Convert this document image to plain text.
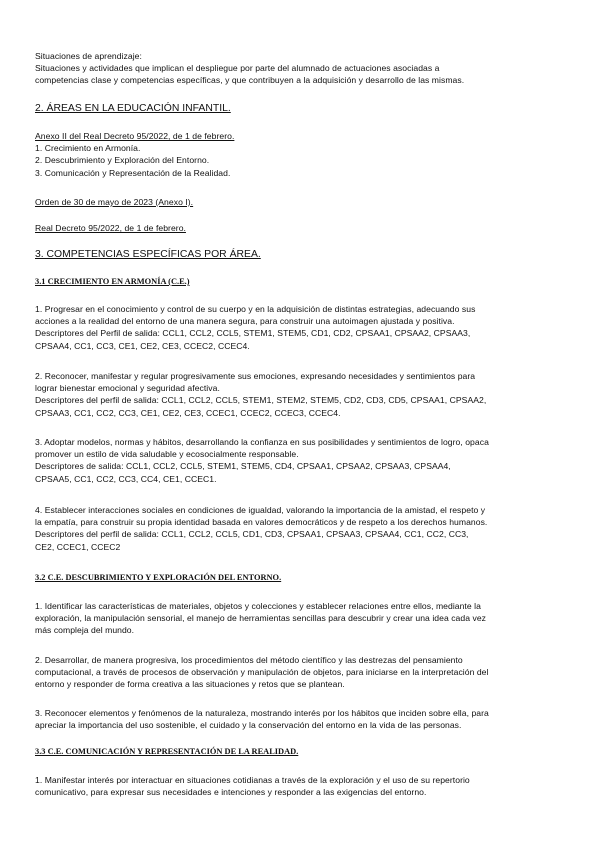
Situaciones de aprendizaje:

Situaciones y actividades que implican el despliegue por parte del alumnado de actuaciones asociadas a

competencias clase y competencias específicas, y que contribuyen a la adquisición y desarrollo de las mismas.

2. ÁREAS EN LA EDUCACIÓN INFANTIL.

Anexo II del Real Decreto 95/2022, de 1 de febrero.

1. Crecimiento en Armonía.

2. Descubrimiento y Exploración del Entorno.

3. Comunicación y Representación de la Realidad.

Orden de 30 de mayo de 2023 (Anexo I).

Real Decreto 95/2022, de 1 de febrero.

3. COMPETENCIAS ESPECÍFICAS POR ÁREA.

3.1 CRECIMIENTO EN ARMONÍA (C.E.)

1. Progresar en el conocimiento y control de su cuerpo y en la adquisición de distintas estrategias, adecuando sus

acciones a la realidad del entorno de una manera segura, para construir una autoimagen ajustada y positiva.

Descriptores del Perfil de salida: CCL1, CCL2, CCL5, STEM1, STEM5, CD1, CD2, CPSAA1, CPSAA2, CPSAA3,

CPSAA4, CC1, CC3, CE1, CE2, CE3, CCEC2, CCEC4.

2. Reconocer, manifestar y regular progresivamente sus emociones, expresando necesidades y sentimientos para

lograr bienestar emocional y seguridad afectiva.

Descriptores del perfil de salida: CCL1, CCL2, CCL5, STEM1, STEM2, STEM5, CD2, CD3, CD5, CPSAA1, CPSAA2,

CPSAA3, CC1, CC2, CC3, CE1, CE2, CE3, CCEC1, CCEC2, CCEC3, CCEC4.

3. Adoptar modelos, normas y hábitos, desarrollando la confianza en sus posibilidades y sentimientos de logro, opaca

promover un estilo de vida saludable y ecosocialmente responsable.

Descriptores de salida: CCL1, CCL2, CCL5, STEM1, STEM5, CD4, CPSAA1, CPSAA2, CPSAA3, CPSAA4,

CPSAA5, CC1, CC2, CC3, CC4, CE1, CCEC1.

4. Establecer interacciones sociales en condiciones de igualdad, valorando la importancia de la amistad, el respeto y

la empatía, para construir su propia identidad basada en valores democráticos y de respeto a los derechos humanos.

Descriptores del perfil de salida: CCL1, CCL2, CCL5, CD1, CD3, CPSAA1, CPSAA3, CPSAA4, CC1, CC2, CC3,

CE2, CCEC1, CCEC2

3.2 C.E. DESCUBRIMIENTO Y EXPLORACIÓN DEL ENTORNO.

1. Identificar las características de materiales, objetos y colecciones y establecer relaciones entre ellos, mediante la

exploración, la manipulación sensorial, el manejo de herramientas sencillas para descubrir y crear una idea cada vez

más compleja del mundo.

2. Desarrollar, de manera progresiva, los procedimientos del método científico y las destrezas del pensamiento

computacional, a través de procesos de observación y manipulación de objetos, para iniciarse en la interpretación del

entorno y responder de forma creativa a las situaciones y retos que se plantean.

3. Reconocer elementos y fenómenos de la naturaleza, mostrando interés por los hábitos que inciden sobre ella, para

apreciar la importancia del uso sostenible, el cuidado y la conservación del entorno en la vida de las personas.

3.3 C.E. COMUNICACIÓN Y REPRESENTACIÓN DE LA REALIDAD.

1. Manifestar interés por interactuar en situaciones cotidianas a través de la exploración y el uso de su repertorio

comunicativo, para expresar sus necesidades e intenciones y responder a las exigencias del entorno.
